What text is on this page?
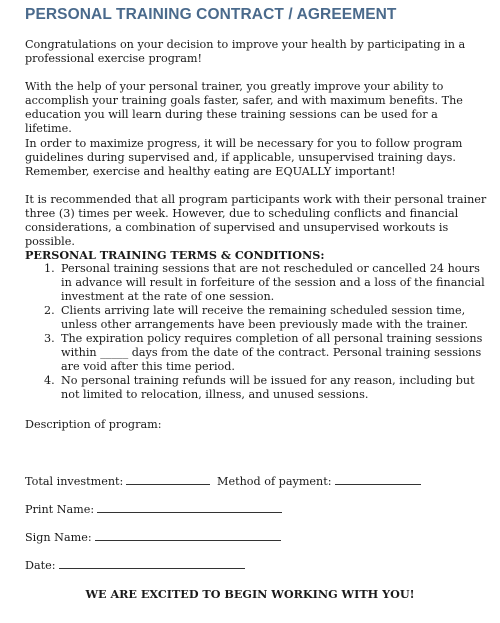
PERSONAL TRAINING CONTRACT / AGREEMENT

Congratulations on your decision to improve your health by participating in a professional exercise program!

With the help of your personal trainer, you greatly improve your ability to accomplish your training goals faster, safer, and with maximum benefits. The education you will learn during these training sessions can be used for a lifetime.

In order to maximize progress, it will be necessary for you to follow program guidelines during supervised and, if applicable, unsupervised training days. Remember, exercise and healthy eating are EQUALLY important!

It is recommended that all program participants work with their personal trainer three (3) times per week. However, due to scheduling conflicts and financial considerations, a combination of supervised and unsupervised workouts is possible.

PERSONAL TRAINING TERMS & CONDITIONS:
1. Personal training sessions that are not rescheduled or cancelled 24 hours in advance will result in forfeiture of the session and a loss of the financial investment at the rate of one session.
2. Clients arriving late will receive the remaining scheduled session time, unless other arrangements have been previously made with the trainer.
3. The expiration policy requires completion of all personal training sessions within _____ days from the date of the contract. Personal training sessions are void after this time period.
4. No personal training refunds will be issued for any reason, including but not limited to relocation, illness, and unused sessions.
Description of program:
Total investment:	Method of payment:
Print Name:
Sign Name:
Date:
WE ARE EXCITED TO BEGIN WORKING WITH YOU!
